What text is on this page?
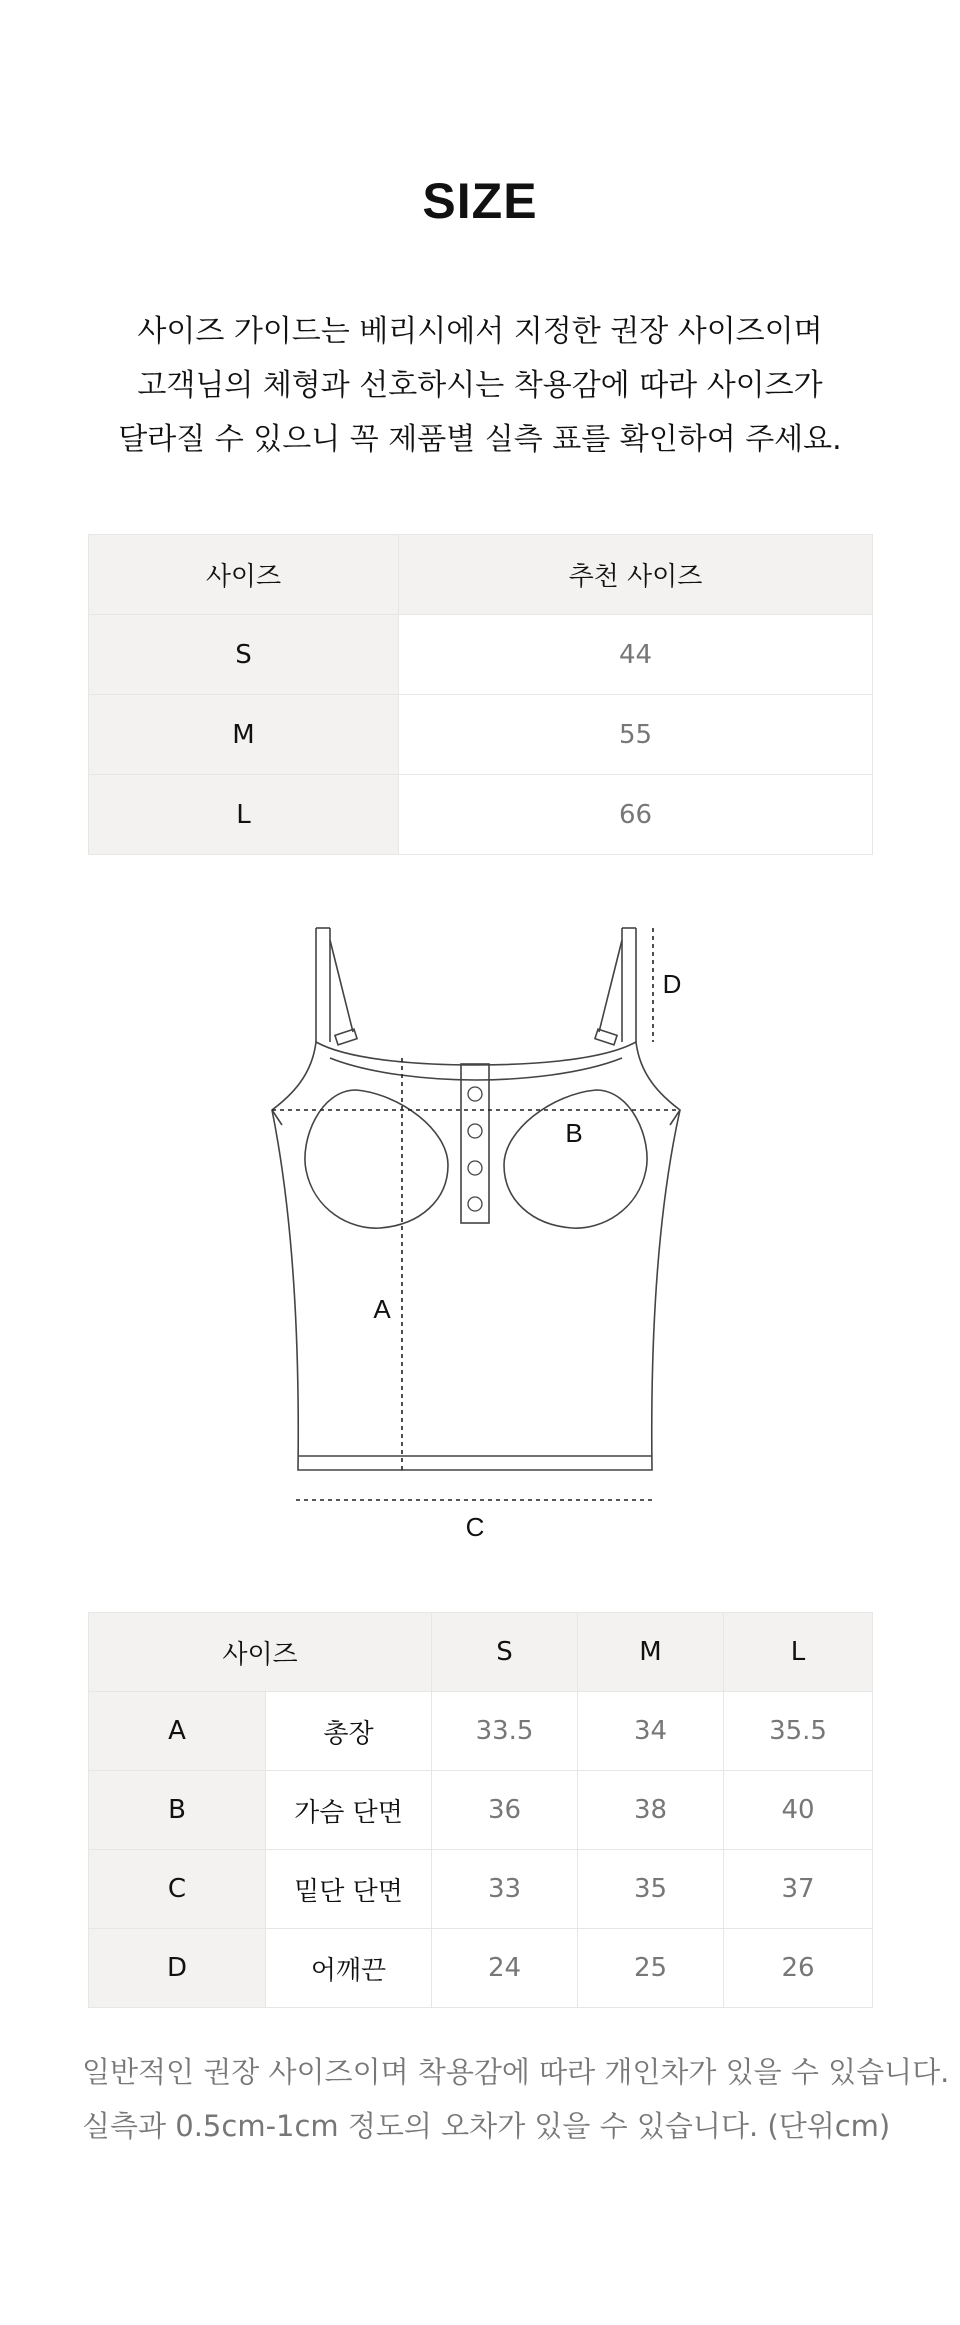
SIZE
사이즈 가이드는 베리시에서 지정한 권장 사이즈이며
고객님의 체형과 선호하시는 착용감에 따라 사이즈가
달라질 수 있으니 꼭 제품별 실측 표를 확인하여 주세요.
사이즈	추천 사이즈
S	44
M	55
L	66
A
B
C
D
사이즈		S	M	L
A	총장	33.5	34	35.5
B	가슴 단면	36	38	40
C	밑단 단면	33	35	37
D	어깨끈	24	25	26
일반적인 권장 사이즈이며 착용감에 따라 개인차가 있을 수 있습니다.
실측과 0.5cm-1cm 정도의 오차가 있을 수 있습니다. (단위cm)
